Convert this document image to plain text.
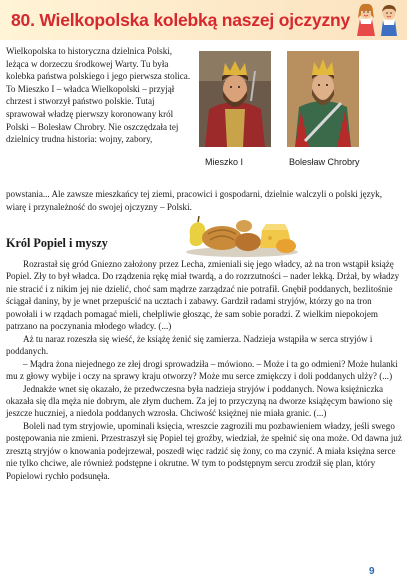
80. Wielkopolska kolebką naszej ojczyzny

Wielkopolska to historyczna dzielnica Polski, leżąca w dorzeczu środkowej Warty. Tu była kolebka państwa polskiego i jego pierwsza stolica.

To Mieszko I – władca Wielkopolski – przyjął chrzest i stworzył państwo polskie. Tutaj sprawował władzę pierwszy koronowany król Polski – Bolesław Chrobry. Nie oszczędzała tej dzielnicy trudna historia: wojny, zabory,

Mieszko I	Bolesław Chrobry

powstania... Ale zawsze mieszkańcy tej ziemi, pracowici i gospodarni, dzielnie walczyli o polski język, wiarę i przynależność do swojej ojczyzny – Polski.

Król Popiel i myszy

Rozrastał się gród Gniezno założony przez Lecha, zmieniali się jego władcy, aż na tron wstąpił książę Popiel. Zły to był władca. Do rządzenia rękę miał twardą, a do rozrzutności – nader lekką. Drżał, by władzy nie stracić i z nikim jej nie dzielić, choć sam mądrze zarządzać nie potrafił. Gnębił poddanych, bezlitośnie ściągał daniny, by je wnet przepuścić na ucztach i zabawy. Gardził radami stryjów, którzy go na tron powołali i w rządach pomagać mieli, chełpliwie głosząc, że sam sobie poradzi. Z wielkim niepokojem patrzano na poczynania młodego władcy. (...)

Aż tu naraz rozeszła się wieść, że książę żenić się zamierza. Nadzieja wstąpiła w serca stryjów i poddanych.

– Mądra żona niejednego ze złej drogi sprowadziła – mówiono. – Może i ta go odmieni? Może hulanki mu z głowy wybije i oczy na sprawy kraju otworzy? Może mu serce zmiękczy i doli poddanych ulży? (...)

Jednakże wnet się okazało, że przedwczesna była nadzieja stryjów i poddanych. Nowa księżniczka okazała się dla męża nie dobrym, ale złym duchem. Za jej to przyczyną na dworze książęcym bawiono się jeszcze huczniej, a niedola poddanych wzrosła. Chciwość księżnej nie miała granic. (...)

Boleli nad tym stryjowie, upominali księcia, wreszcie zagrozili mu pozbawieniem władzy, jeśli swego postępowania nie zmieni. Przestraszył się Popiel tej groźby, wiedział, że spełnić się ona może. Od dawna już zresztą stryjów o knowania podejrzewał, poszedł więc radzić się żony, co ma czynić. A miała księżna serce nie tylko chciwe, ale również podstępne i okrutne. W tym to podstępnym sercu zrodził się plan, który Popielowi rychło podsunęła.

9
